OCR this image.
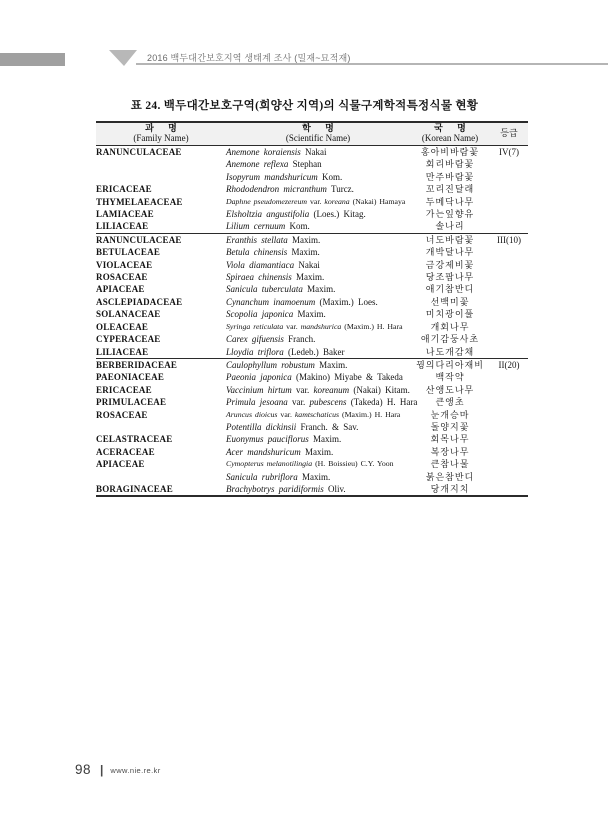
2016 백두대간보호지역 생태계 조사 (밀재~묘적재)
표 24. 백두대간보호구역(희양산 지역)의 식물구계학적특정식물 현황
과 명
(Family Name)

학 명
(Scientific Name)

국 명
(Korean Name)	등급
RANUNCULACEAE	Anemone koraiensis Nakai	홍아비바람꽃	IV(7)
	Anemone reflexa Stephan	회리바람꽃	
	Isopyrum mandshuricum Kom.	만주바람꽃	
ERICACEAE	Rhododendron micranthum Turcz.	꼬리진달래	
THYMELAEACEAE	Daphne pseudomezereum var. koreana (Nakai) Hamaya	두메닥나무	
LAMIACEAE	Elsholtzia angustifolia (Loes.) Kitag.	가는잎향유	
LILIACEAE	Lilium cernuum Kom.	솔나리	
RANUNCULACEAE	Eranthis stellata Maxim.	너도바람꽃	III(10)
BETULACEAE	Betula chinensis Maxim.	개박달나무	
VIOLACEAE	Viola diamantiaca Nakai	금강제비꽃	
ROSACEAE	Spiraea chinensis Maxim.	당조팝나무	
APIACEAE	Sanicula tuberculata Maxim.	애기참반디	
ASCLEPIADACEAE	Cynanchum inamoenum (Maxim.) Loes.	선백미꽃	
SOLANACEAE	Scopolia japonica Maxim.	미치광이풀	
OLEACEAE	Syringa reticulata var. mandshurica (Maxim.) H. Hara	개회나무	
CYPERACEAE	Carex gifuensis Franch.	애기감둥사초	
LILIACEAE	Lloydia triflora (Ledeb.) Baker	나도개감채	
BERBERIDACEAE	Caulophyllum robustum Maxim.	꿩의다리아재비	II(20)
PAEONIACEAE	Paeonia japonica (Makino) Miyabe & Takeda	백작약	
ERICACEAE	Vaccinium hirtum var. koreanum (Nakai) Kitam.	산앵도나무	
PRIMULACEAE	Primula jesoana var. pubescens (Takeda) H. Hara	큰앵초	
ROSACEAE	Aruncus dioicus var. kamtschaticus (Maxim.) H. Hara	눈개승마	
	Potentilla dickinsii Franch. & Sav.	돌양지꽃	
CELASTRACEAE	Euonymus pauciflorus Maxim.	회목나무	
ACERACEAE	Acer mandshuricum Maxim.	복장나무	
APIACEAE	Cymopterus melanotilingia (H. Boissieu) C.Y. Yoon	큰참나물	
	Sanicula rubriflora Maxim.	붉은참반디	
BORAGINACEAE	Brachybotrys paridiformis Oliv.	당개지치	
98 | www.nie.re.kr
